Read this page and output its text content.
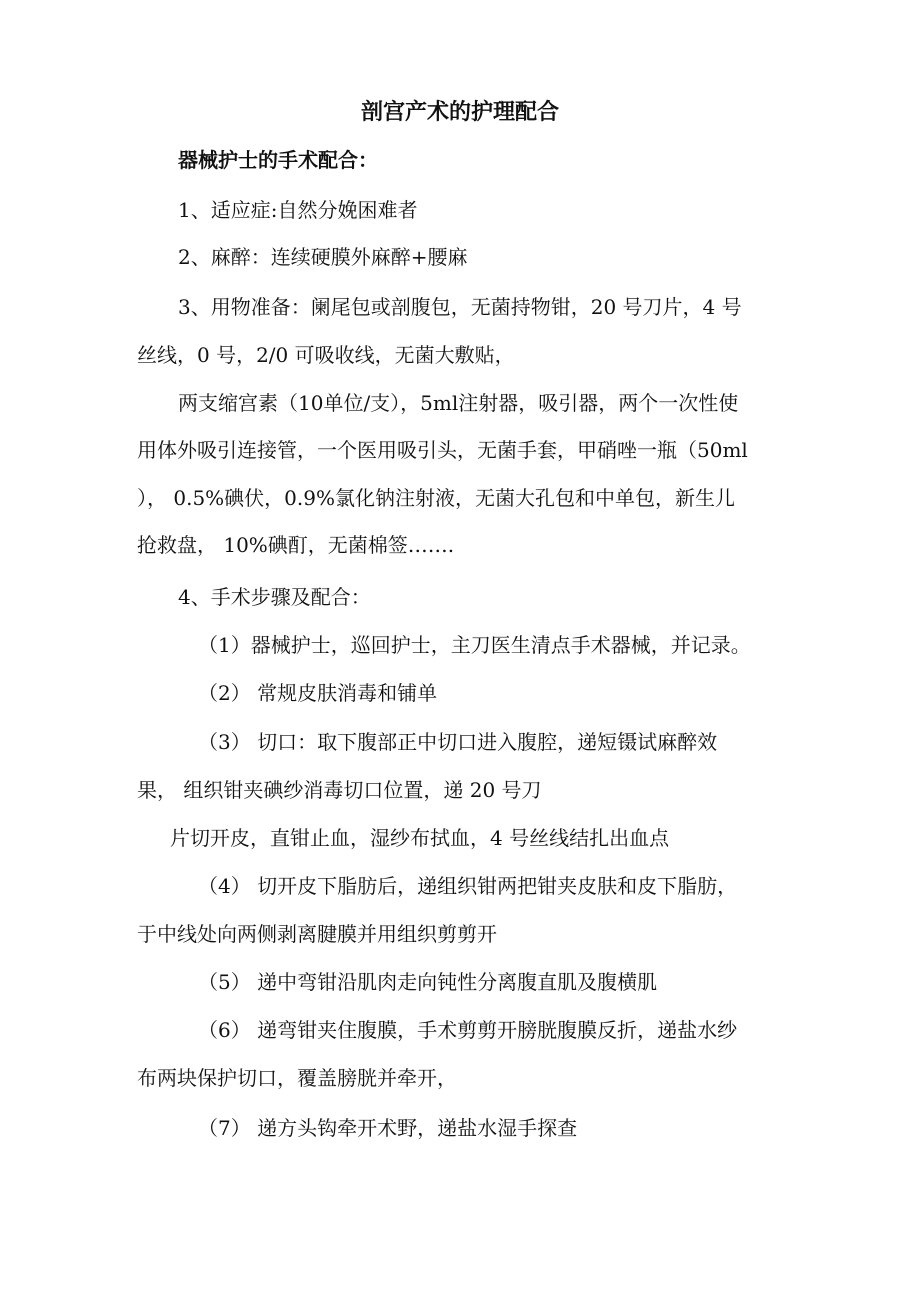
剖宫产术的护理配合
器械护士的手术配合：
1、适应症:自然分娩困难者
2、麻醉：连续硬膜外麻醉+腰麻
3、用物准备：阑尾包或剖腹包，无菌持物钳，20 号刀片，4 号
丝线，0 号，2/0 可吸收线，无菌大敷贴，
两支缩宫素（10单位/支），5ml注射器，吸引器，两个一次性使
用体外吸引连接管，一个医用吸引头，无菌手套，甲硝唑一瓶（50ml
）， 0.5%碘伏，0.9%氯化钠注射液，无菌大孔包和中单包，新生儿
抢救盘， 10%碘酊，无菌棉签…….
4、手术步骤及配合：
（1）器械护士，巡回护士，主刀医生清点手术器械，并记录。
（2） 常规皮肤消毒和铺单
（3） 切口：取下腹部正中切口进入腹腔，递短镊试麻醉效
果， 组织钳夹碘纱消毒切口位置，递 20 号刀
片切开皮，直钳止血，湿纱布拭血，4 号丝线结扎出血点
（4） 切开皮下脂肪后，递组织钳两把钳夹皮肤和皮下脂肪，
于中线处向两侧剥离腱膜并用组织剪剪开
（5） 递中弯钳沿肌肉走向钝性分离腹直肌及腹横肌
（6） 递弯钳夹住腹膜，手术剪剪开膀胱腹膜反折，递盐水纱
布两块保护切口，覆盖膀胱并牵开，
（7） 递方头钩牵开术野，递盐水湿手探查
